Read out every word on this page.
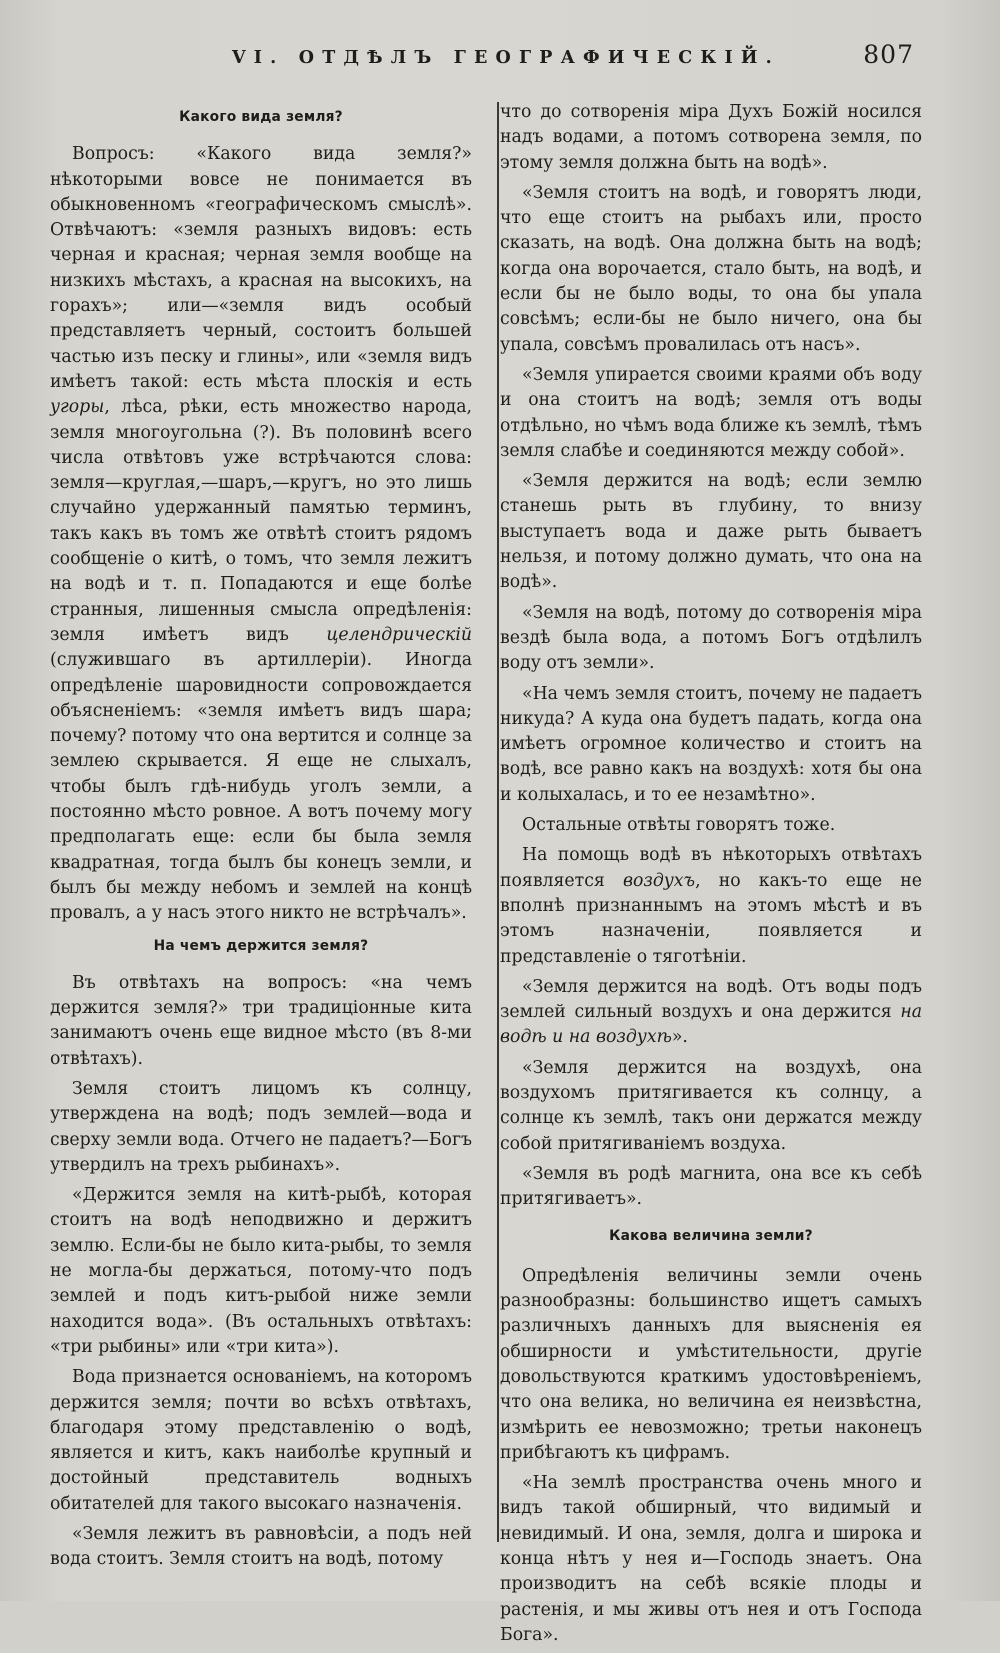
VI. ОТДѢЛЪ ГЕОГРАФИЧЕСКІЙ.	807
Какого вида земля?

Вопросъ: «Какого вида земля?» нѣкоторыми вовсе не понимается въ обыкновенномъ «географическомъ смыслѣ». Отвѣчаютъ: «земля разныхъ видовъ: есть черная и красная; черная земля вообще на низкихъ мѣстахъ, а красная на высокихъ, на горахъ»; или—«земля видъ особый представляетъ черный, состоитъ большей частью изъ песку и глины», или «земля видъ имѣетъ такой: есть мѣста плоскія и есть угоры, лѣса, рѣки, есть множество народа, земля многоугольна (?). Въ половинѣ всего числа отвѣтовъ уже встрѣчаются слова: земля—круглая,—шаръ,—кругъ, но это лишь случайно удержанный памятью терминъ, такъ какъ въ томъ же отвѣтѣ стоитъ рядомъ сообщеніе о китѣ, о томъ, что земля лежитъ на водѣ и т. п. Попадаются и еще болѣе странныя, лишенныя смысла опредѣленія: земля имѣетъ видъ целендрическій (служившаго въ артиллеріи). Иногда опредѣленіе шаровидности сопровождается объясненіемъ: «земля имѣетъ видъ шара; почему? потому что она вертится и солнце за землею скрывается. Я еще не слыхалъ, чтобы былъ гдѣ-нибудь уголъ земли, а постоянно мѣсто ровное. А вотъ почему могу предполагать еще: если бы была земля квадратная, тогда былъ бы конецъ земли, и былъ бы между небомъ и землей на концѣ провалъ, а у насъ этого никто не встрѣчалъ».

На чемъ держится земля?

Въ отвѣтахъ на вопросъ: «на чемъ держится земля?» три традиціонные кита занимаютъ очень еще видное мѣсто (въ 8-ми отвѣтахъ).

Земля стоитъ лицомъ къ солнцу, утверждена на водѣ; подъ землей—вода и сверху земли вода. Отчего не падаетъ?—Богъ утвердилъ на трехъ рыбинахъ».

«Держится земля на китѣ-рыбѣ, которая стоитъ на водѣ неподвижно и держитъ землю. Если-бы не было кита-рыбы, то земля не могла-бы держаться, потому-что подъ землей и подъ китъ-рыбой ниже земли находится вода». (Въ остальныхъ отвѣтахъ: «три рыбины» или «три кита»).

Вода признается основаніемъ, на которомъ держится земля; почти во всѣхъ отвѣтахъ, благодаря этому представленію о водѣ, является и китъ, какъ наиболѣе крупный и достойный представитель водныхъ обитателей для такого высокаго назначенія.

«Земля лежитъ въ равновѣсіи, а подъ ней вода стоитъ. Земля стоитъ на водѣ, потому

что до сотворенія міра Духъ Божій носился надъ водами, а потомъ сотворена земля, по этому земля должна быть на водѣ».

«Земля стоитъ на водѣ, и говорятъ люди, что еще стоитъ на рыбахъ или, просто сказать, на водѣ. Она должна быть на водѣ; когда она ворочается, стало быть, на водѣ, и если бы не было воды, то она бы упала совсѣмъ; если-бы не было ничего, она бы упала, совсѣмъ провалилась отъ насъ».

«Земля упирается своими краями объ воду и она стоитъ на водѣ; земля отъ воды отдѣльно, но чѣмъ вода ближе къ землѣ, тѣмъ земля слабѣе и соединяются между собой».

«Земля держится на водѣ; если землю станешь рыть въ глубину, то внизу выступаетъ вода и даже рыть бываетъ нельзя, и потому должно думать, что она на водѣ».

«Земля на водѣ, потому до сотворенія міра вездѣ была вода, а потомъ Богъ отдѣлилъ воду отъ земли».

«На чемъ земля стоитъ, почему не падаетъ никуда? А куда она будетъ падать, когда она имѣетъ огромное количество и стоитъ на водѣ, все равно какъ на воздухѣ: хотя бы она и колыхалась, и то ее незамѣтно».

Остальные отвѣты говорятъ тоже.

На помощь водѣ въ нѣкоторыхъ отвѣтахъ появляется воздухъ, но какъ-то еще не вполнѣ признаннымъ на этомъ мѣстѣ и въ этомъ назначеніи, появляется и представленіе о тяготѣніи.

«Земля держится на водѣ. Отъ воды подъ землей сильный воздухъ и она держится на водѣ и на воздухѣ».

«Земля держится на воздухѣ, она воздухомъ притягивается къ солнцу, а солнце къ землѣ, такъ они держатся между собой притягиваніемъ воздуха.

«Земля въ родѣ магнита, она все къ себѣ притягиваетъ».

Какова величина земли?

Опредѣленія величины земли очень разнообразны: большинство ищетъ самыхъ различныхъ данныхъ для выясненія ея обширности и умѣстительности, другіе довольствуются краткимъ удостовѣреніемъ, что она велика, но величина ея неизвѣстна, измѣрить ее невозможно; третьи наконецъ прибѣгаютъ къ цифрамъ.

«На землѣ пространства очень много и видъ такой обширный, что видимый и невидимый. И она, земля, долга и широка и конца нѣтъ у нея и—Господь знаетъ. Она производитъ на себѣ всякіе плоды и растенія, и мы живы отъ нея и отъ Господа Бога».
